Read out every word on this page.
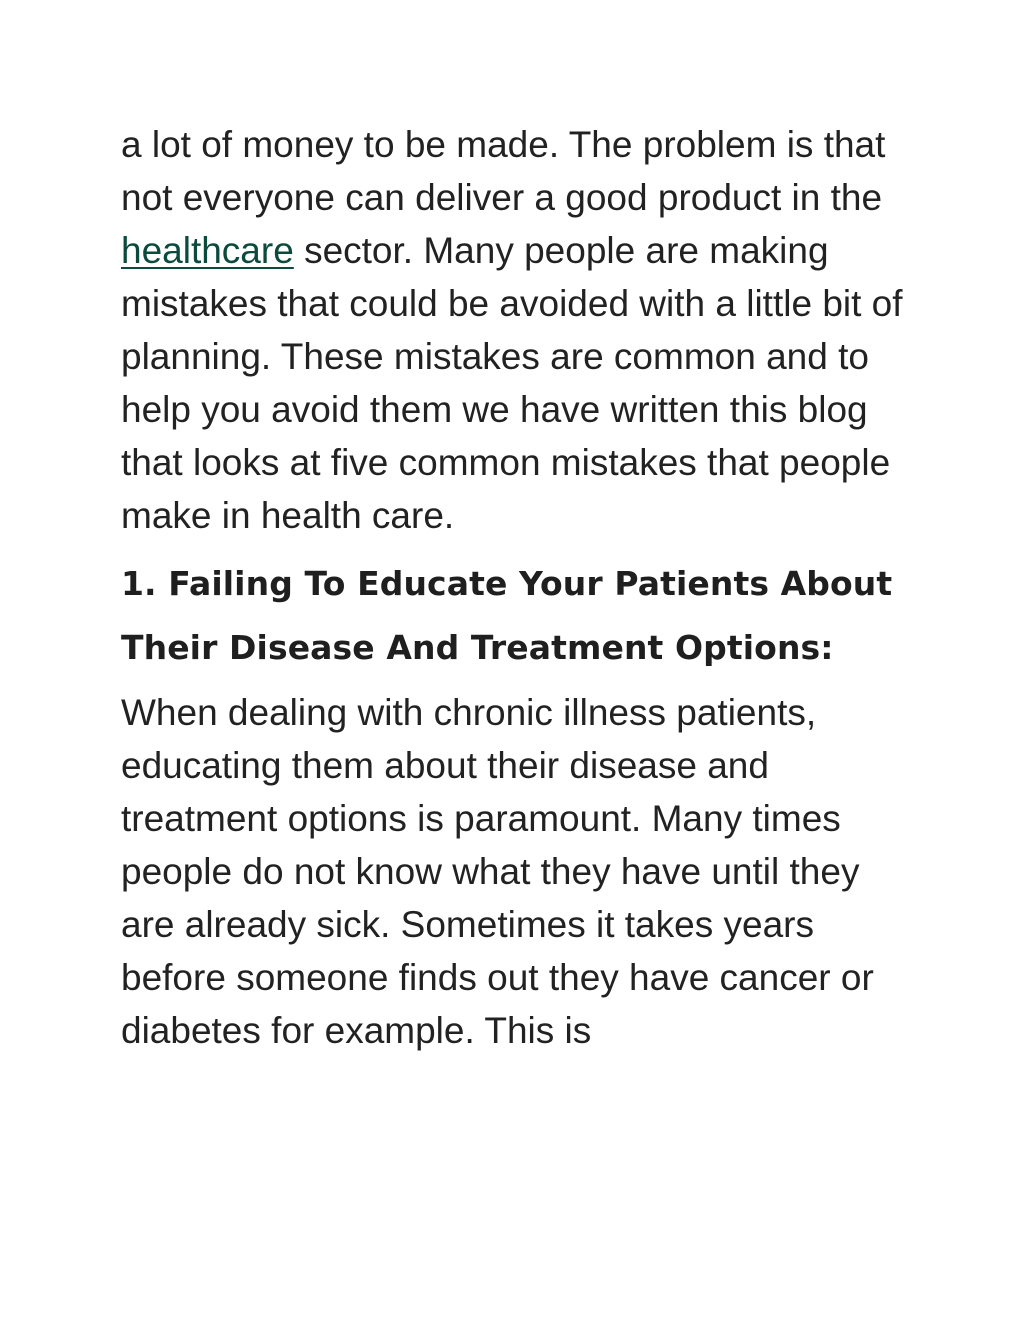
a lot of money to be made. The problem is that not everyone can deliver a good product in the healthcare sector. Many people are making mistakes that could be avoided with a little bit of planning. These mistakes are common and to help you avoid them we have written this blog that looks at five common mistakes that people make in health care.

1. Failing To Educate Your Patients About Their Disease And Treatment Options:

When dealing with chronic illness patients, educating them about their disease and treatment options is paramount. Many times people do not know what they have until they are already sick. Sometimes it takes years before someone finds out they have cancer or diabetes for example. This is
